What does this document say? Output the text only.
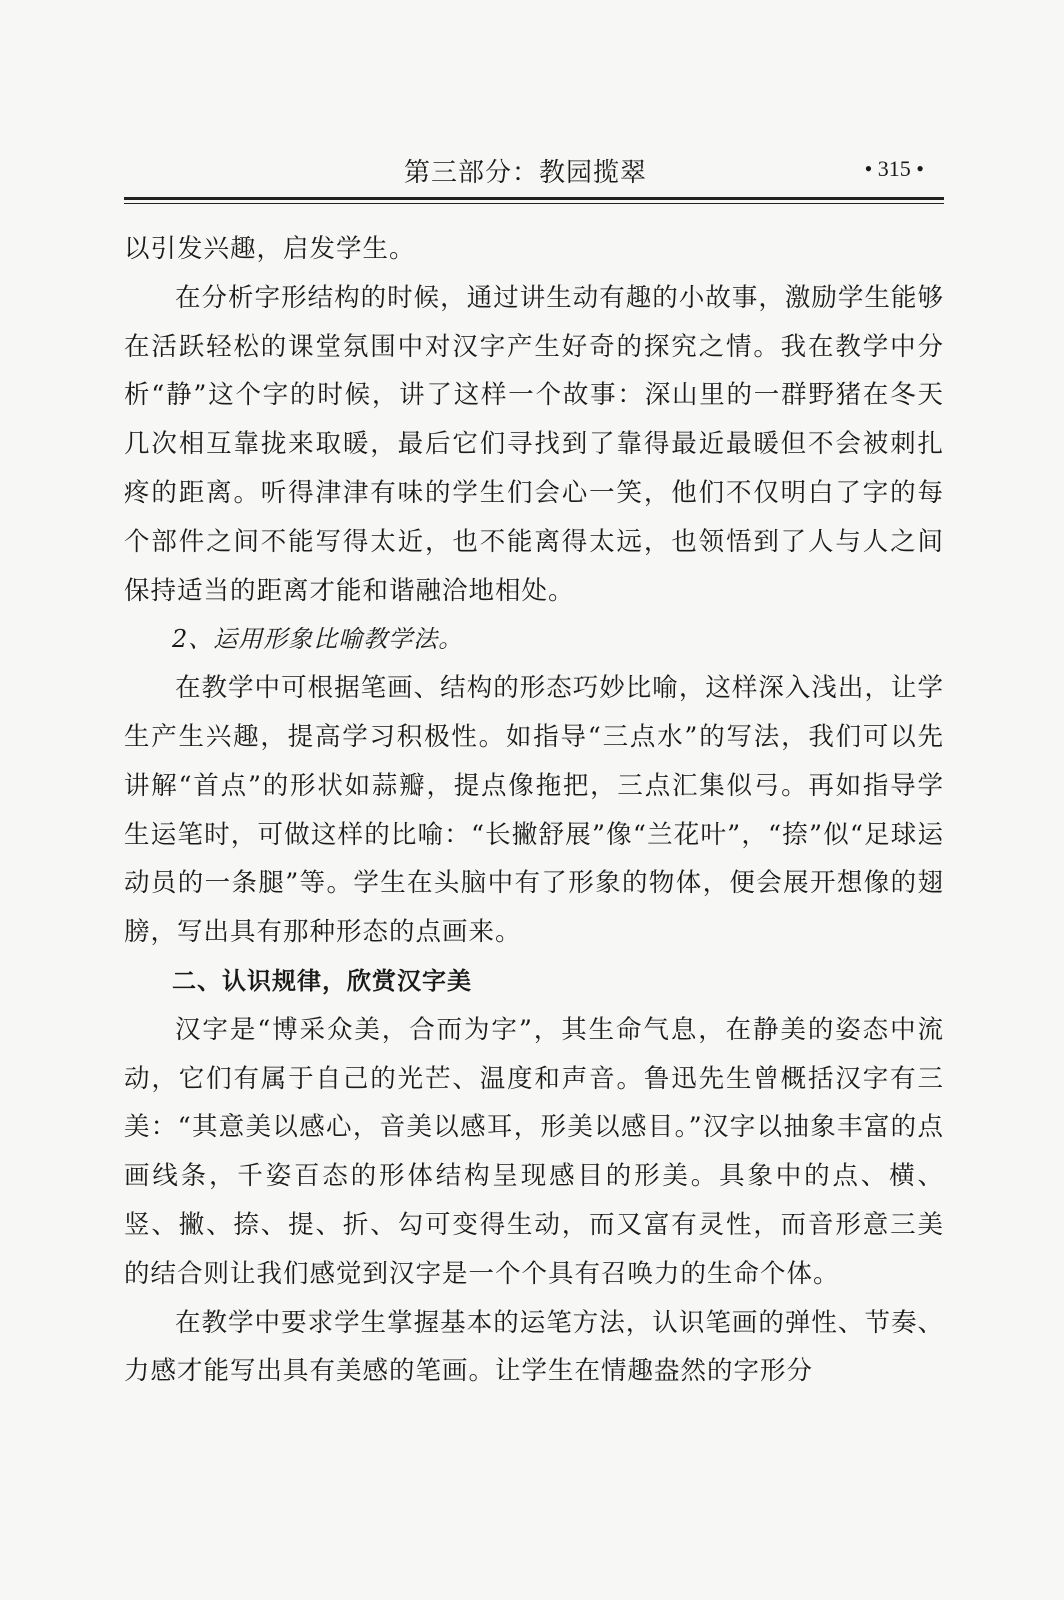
第三部分：教园揽翠	• 315 •

以引发兴趣，启发学生。

在分析字形结构的时候，通过讲生动有趣的小故事，激励学生能够在活跃轻松的课堂氛围中对汉字产生好奇的探究之情。我在教学中分析“静”这个字的时候，讲了这样一个故事：深山里的一群野猪在冬天几次相互靠拢来取暖，最后它们寻找到了靠得最近最暖但不会被刺扎疼的距离。听得津津有味的学生们会心一笑，他们不仅明白了字的每个部件之间不能写得太近，也不能离得太远，也领悟到了人与人之间保持适当的距离才能和谐融洽地相处。

2、运用形象比喻教学法。

在教学中可根据笔画、结构的形态巧妙比喻，这样深入浅出，让学生产生兴趣，提高学习积极性。如指导“三点水”的写法，我们可以先讲解“首点”的形状如蒜瓣，提点像拖把，三点汇集似弓。再如指导学生运笔时，可做这样的比喻：“长撇舒展”像“兰花叶”，“捺”似“足球运动员的一条腿”等。学生在头脑中有了形象的物体，便会展开想像的翅膀，写出具有那种形态的点画来。

二、认识规律，欣赏汉字美

汉字是“博采众美，合而为字”，其生命气息，在静美的姿态中流动，它们有属于自己的光芒、温度和声音。鲁迅先生曾概括汉字有三美：“其意美以感心，音美以感耳，形美以感目。”汉字以抽象丰富的点画线条，千姿百态的形体结构呈现感目的形美。具象中的点、横、竖、撇、捺、提、折、勾可变得生动，而又富有灵性，而音形意三美的结合则让我们感觉到汉字是一个个具有召唤力的生命个体。

在教学中要求学生掌握基本的运笔方法，认识笔画的弹性、节奏、力感才能写出具有美感的笔画。让学生在情趣盎然的字形分
